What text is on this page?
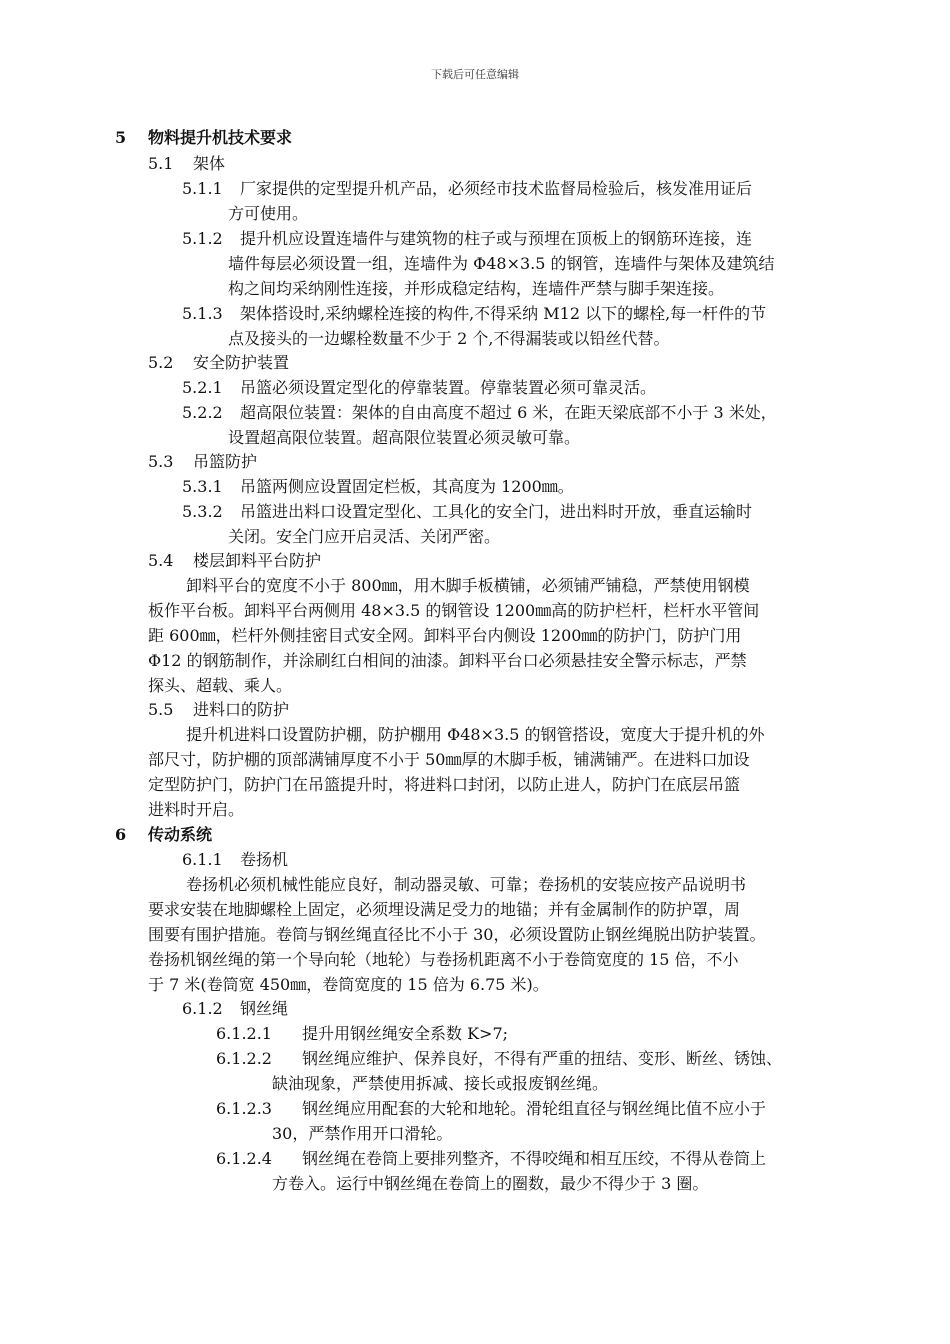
下载后可任意编辑
5 物料提升机技术要求
5.1 架体
5.1.1 厂家提供的定型提升机产品，必须经市技术监督局检验后，核发准用证后
方可使用。
5.1.2 提升机应设置连墙件与建筑物的柱子或与预埋在顶板上的钢筋环连接，连
墙件每层必须设置一组，连墙件为 Φ48×3.5 的钢管，连墙件与架体及建筑结
构之间均采纳刚性连接，并形成稳定结构，连墙件严禁与脚手架连接。
5.1.3 架体搭设时,采纳螺栓连接的构件,不得采纳 M12 以下的螺栓,每一杆件的节
点及接头的一边螺栓数量不少于 2 个,不得漏装或以铅丝代替。
5.2 安全防护装置
5.2.1 吊篮必须设置定型化的停靠装置。停靠装置必须可靠灵活。
5.2.2 超高限位装置：架体的自由高度不超过 6 米，在距天梁底部不小于 3 米处，
设置超高限位装置。超高限位装置必须灵敏可靠。
5.3 吊篮防护
5.3.1 吊篮两侧应设置固定栏板，其高度为 1200㎜。
5.3.2 吊篮进出料口设置定型化、工具化的安全门，进出料时开放，垂直运输时
关闭。安全门应开启灵活、关闭严密。
5.4 楼层卸料平台防护
卸料平台的宽度不小于 800㎜，用木脚手板横铺，必须铺严铺稳，严禁使用钢模
板作平台板。卸料平台两侧用 48×3.5 的钢管设 1200㎜高的防护栏杆，栏杆水平管间
距 600㎜，栏杆外侧挂密目式安全网。卸料平台内侧设 1200㎜的防护门，防护门用
Φ12 的钢筋制作，并涂刷红白相间的油漆。卸料平台口必须悬挂安全警示标志，严禁
探头、超载、乘人。
5.5 进料口的防护
提升机进料口设置防护棚，防护棚用 Φ48×3.5 的钢管搭设，宽度大于提升机的外
部尺寸，防护棚的顶部满铺厚度不小于 50㎜厚的木脚手板，铺满铺严。在进料口加设
定型防护门，防护门在吊篮提升时，将进料口封闭，以防止进人，防护门在底层吊篮
进料时开启。
6 传动系统
6.1.1 卷扬机
卷扬机必须机械性能应良好，制动器灵敏、可靠；卷扬机的安装应按产品说明书
要求安装在地脚螺栓上固定，必须埋设满足受力的地锚；并有金属制作的防护罩，周
围要有围护措施。卷筒与钢丝绳直径比不小于 30，必须设置防止钢丝绳脱出防护装置。
卷扬机钢丝绳的第一个导向轮（地轮）与卷扬机距离不小于卷筒宽度的 15 倍，不小
于 7 米(卷筒宽 450㎜，卷筒宽度的 15 倍为 6.75 米)。
6.1.2 钢丝绳
6.1.2.1 提升用钢丝绳安全系数 K>7;
6.1.2.2 钢丝绳应维护、保养良好，不得有严重的扭结、变形、断丝、锈蚀、
缺油现象，严禁使用拆减、接长或报废钢丝绳。
6.1.2.3 钢丝绳应用配套的大轮和地轮。滑轮组直径与钢丝绳比值不应小于
30，严禁作用开口滑轮。
6.1.2.4 钢丝绳在卷筒上要排列整齐，不得咬绳和相互压绞，不得从卷筒上
方卷入。运行中钢丝绳在卷筒上的圈数，最少不得少于 3 圈。
